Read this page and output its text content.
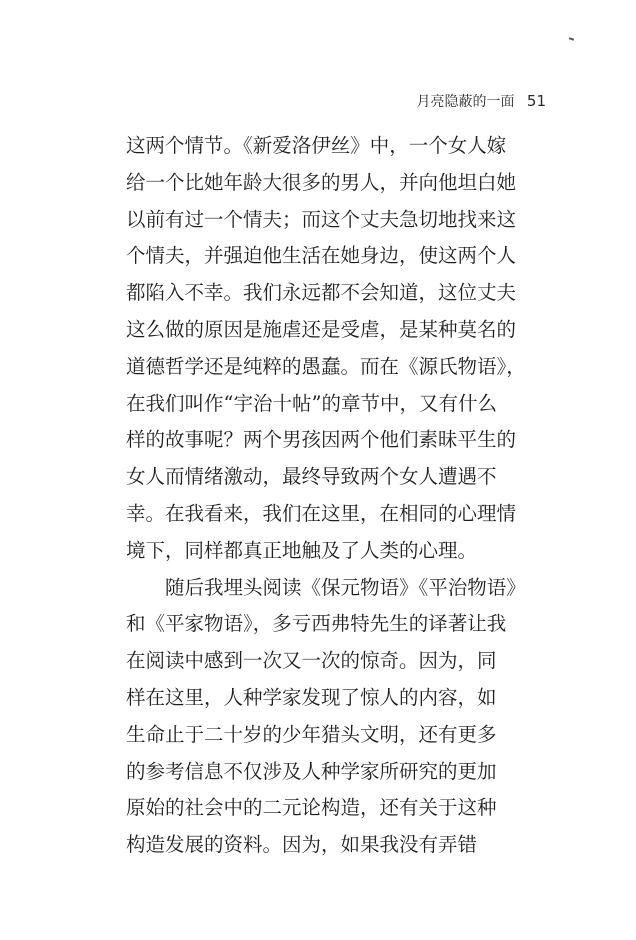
月亮隐蔽的一面 51
这两个情节。《新爱洛伊丝》中，一个女人嫁
给一个比她年龄大很多的男人，并向他坦白她
以前有过一个情夫；而这个丈夫急切地找来这
个情夫，并强迫他生活在她身边，使这两个人
都陷入不幸。我们永远都不会知道，这位丈夫
这么做的原因是施虐还是受虐，是某种莫名的
道德哲学还是纯粹的愚蠢。而在《源氏物语》，
在我们叫作“宇治十帖”的章节中，又有什么
样的故事呢？两个男孩因两个他们素昧平生的
女人而情绪激动，最终导致两个女人遭遇不
幸。在我看来，我们在这里，在相同的心理情
境下，同样都真正地触及了人类的心理。
随后我埋头阅读《保元物语》《平治物语》
和《平家物语》，多亏西弗特先生的译著让我
在阅读中感到一次又一次的惊奇。因为，同
样在这里，人种学家发现了惊人的内容，如
生命止于二十岁的少年猎头文明，还有更多
的参考信息不仅涉及人种学家所研究的更加
原始的社会中的二元论构造，还有关于这种
构造发展的资料。因为，如果我没有弄错
